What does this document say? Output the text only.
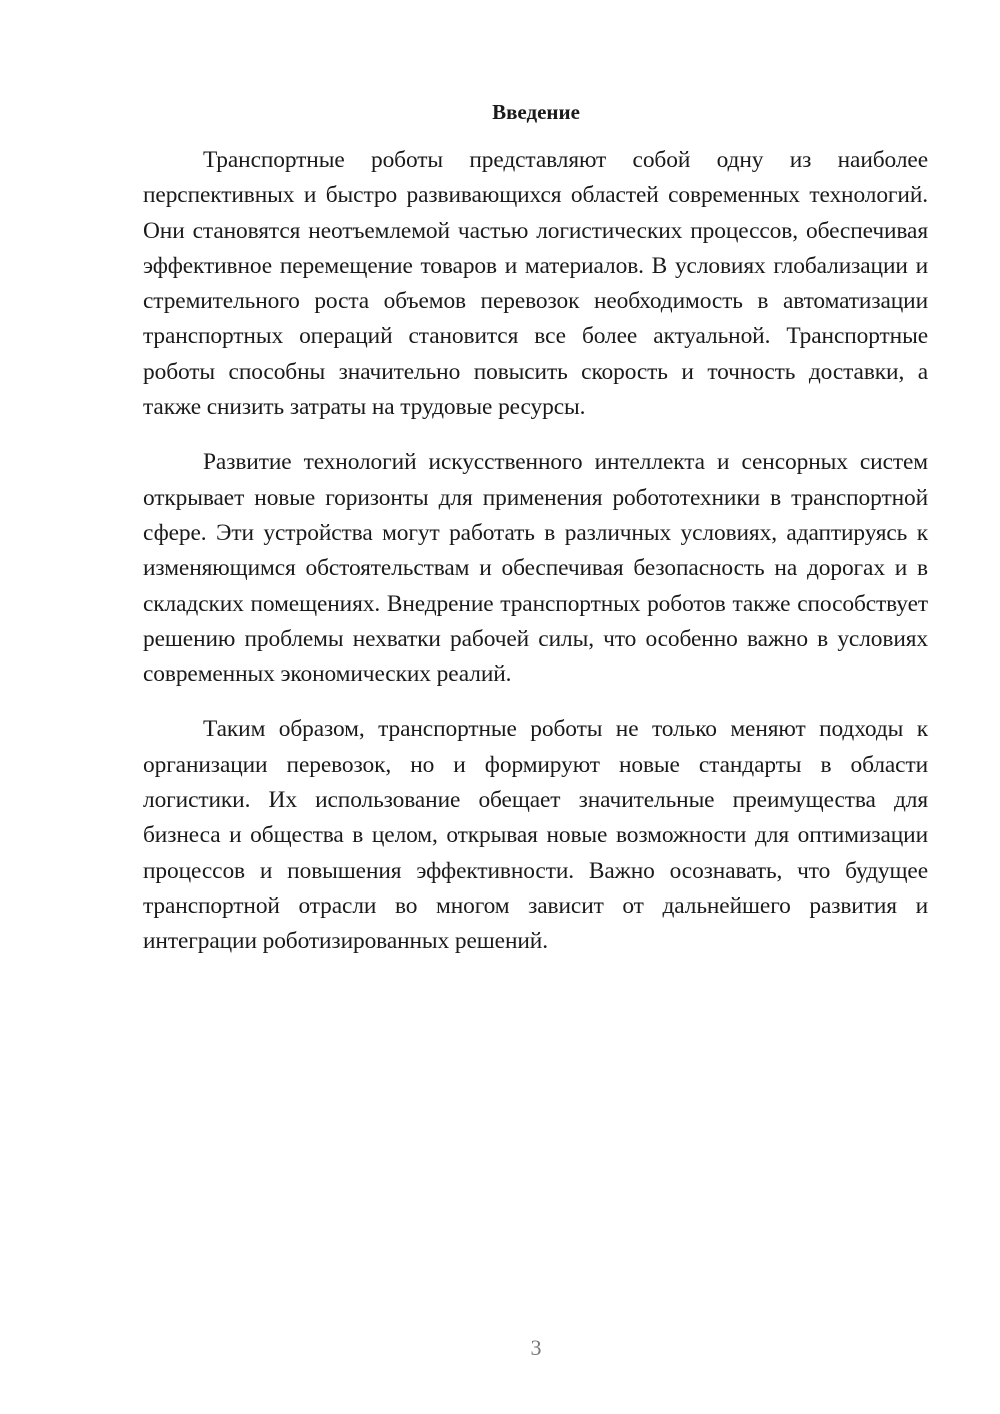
Введение

Транспортные роботы представляют собой одну из наиболее перспективных и быстро развивающихся областей современных технологий. Они становятся неотъемлемой частью логистических процессов, обеспечивая эффективное перемещение товаров и материалов. В условиях глобализации и стремительного роста объемов перевозок необходимость в автоматизации транспортных операций становится все более актуальной. Транспортные роботы способны значительно повысить скорость и точность доставки, а также снизить затраты на трудовые ресурсы.

Развитие технологий искусственного интеллекта и сенсорных систем открывает новые горизонты для применения робототехники в транспортной сфере. Эти устройства могут работать в различных условиях, адаптируясь к изменяющимся обстоятельствам и обеспечивая безопасность на дорогах и в складских помещениях. Внедрение транспортных роботов также способствует решению проблемы нехватки рабочей силы, что особенно важно в условиях современных экономических реалий.

Таким образом, транспортные роботы не только меняют подходы к организации перевозок, но и формируют новые стандарты в области логистики. Их использование обещает значительные преимущества для бизнеса и общества в целом, открывая новые возможности для оптимизации процессов и повышения эффективности. Важно осознавать, что будущее транспортной отрасли во многом зависит от дальнейшего развития и интеграции роботизированных решений.

3
